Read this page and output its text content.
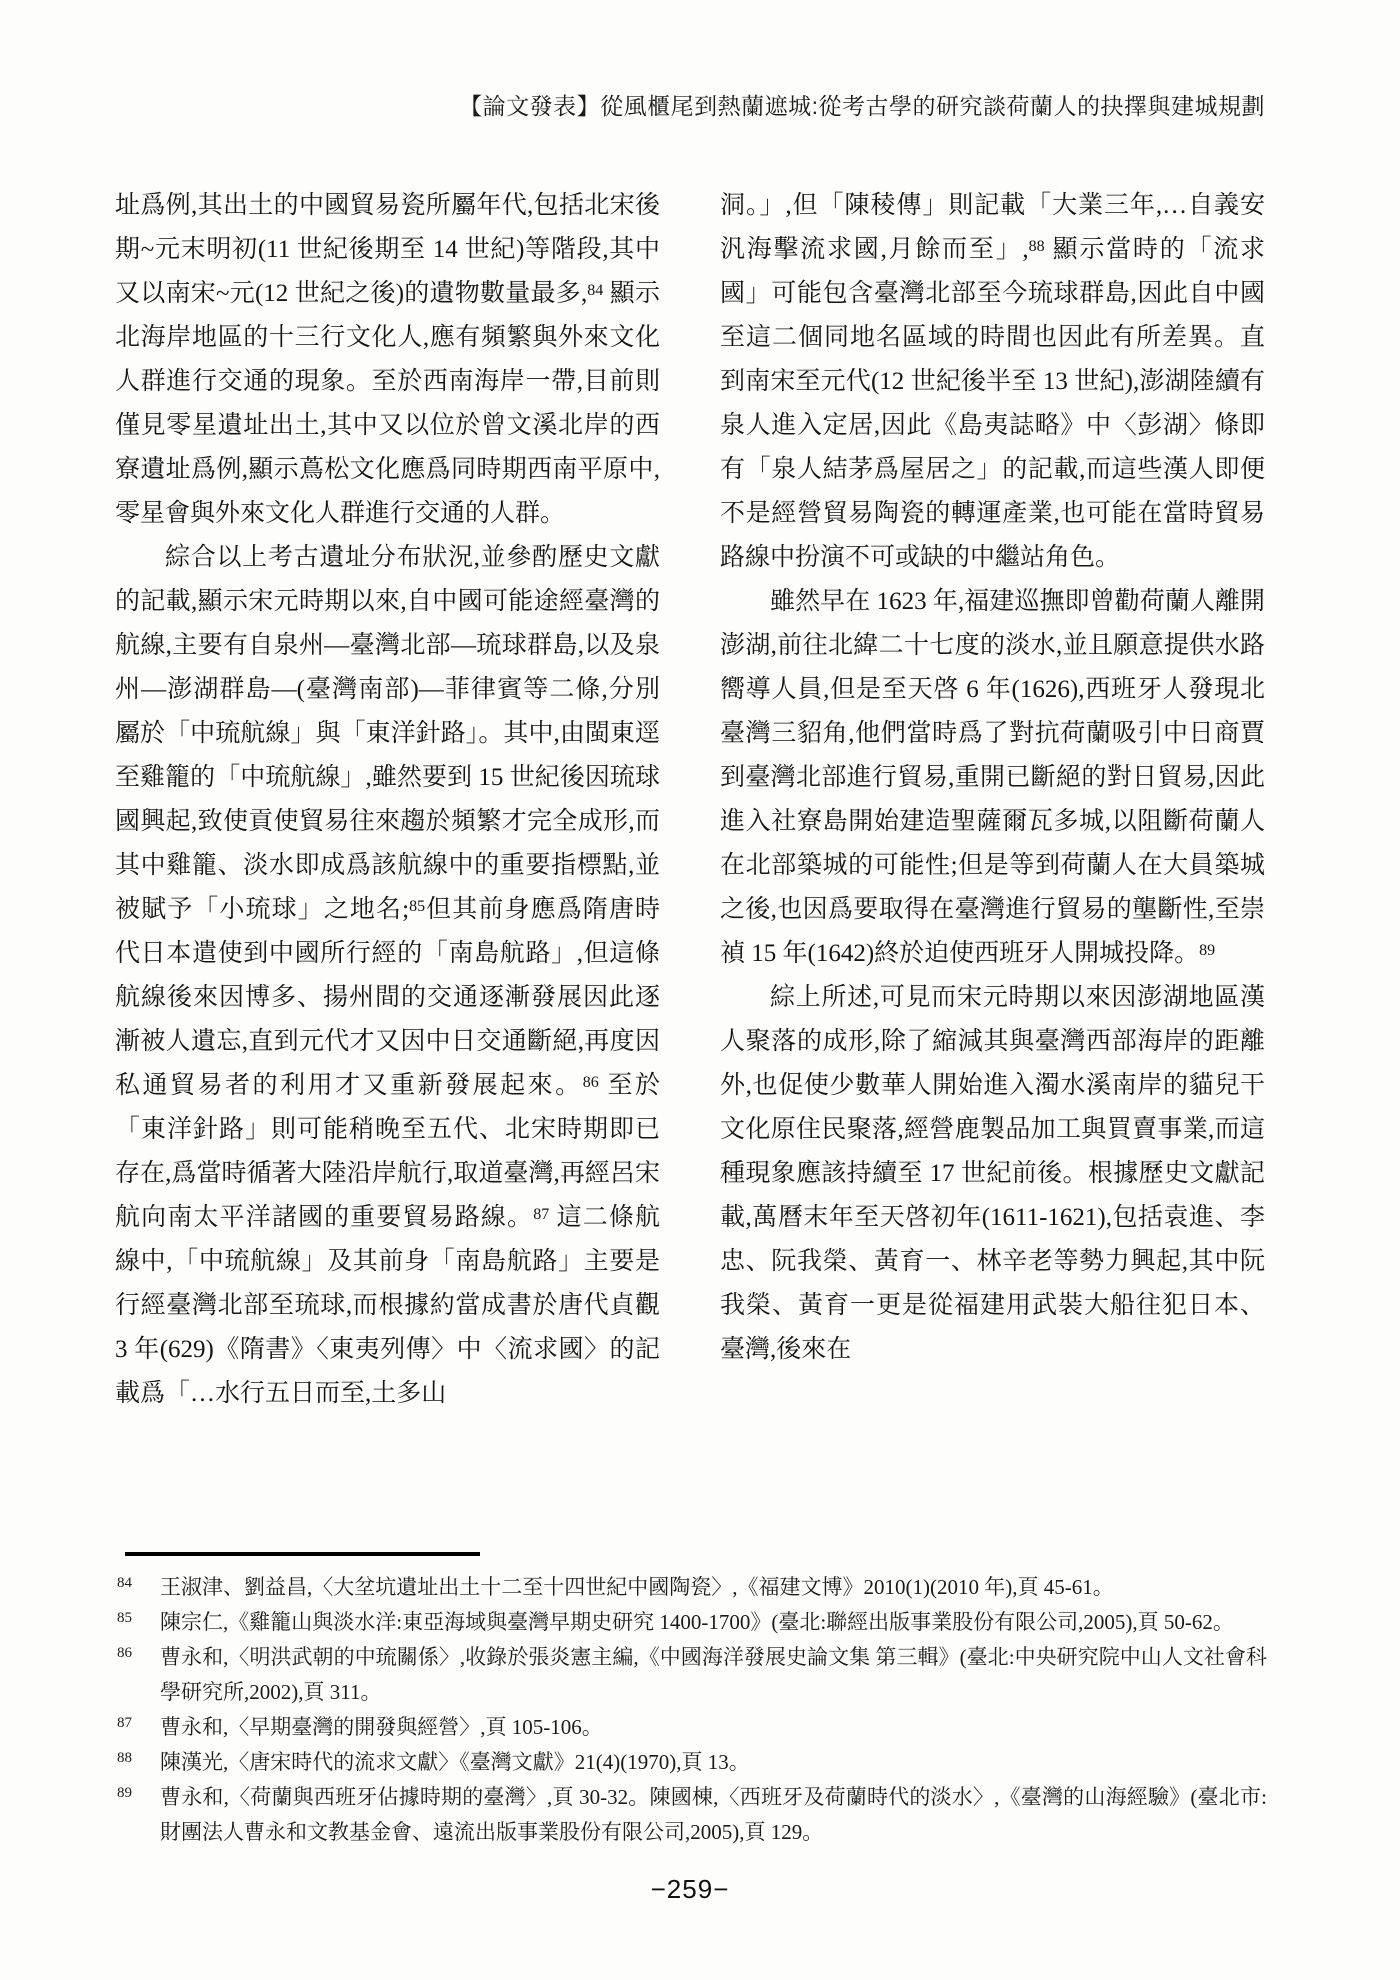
【論文發表】從風櫃尾到熱蘭遮城:從考古學的研究談荷蘭人的抉擇與建城規劃

址爲例,其出土的中國貿易瓷所屬年代,包括北宋後期~元末明初(11 世紀後期至 14 世紀)等階段,其中又以南宋~元(12 世紀之後)的遺物數量最多,$^{84}$ 顯示北海岸地區的十三行文化人,應有頻繁與外來文化人群進行交通的現象。至於西南海岸一帶,目前則僅見零星遺址出土,其中又以位於曾文溪北岸的西寮遺址爲例,顯示蔦松文化應爲同時期西南平原中,零星會與外來文化人群進行交通的人群。

綜合以上考古遺址分布狀況,並參酌歷史文獻的記載,顯示宋元時期以來,自中國可能途經臺灣的航線,主要有自泉州—臺灣北部—琉球群島,以及泉州—澎湖群島—(臺灣南部)—菲律賓等二條,分別屬於「中琉航線」與「東洋針路」。其中,由閩東逕至雞籠的「中琉航線」,雖然要到 15 世紀後因琉球國興起,致使貢使貿易往來趨於頻繁才完全成形,而其中雞籠、淡水即成爲該航線中的重要指標點,並被賦予「小琉球」之地名;$^{85}$但其前身應爲隋唐時代日本遣使到中國所行經的「南島航路」,但這條航線後來因博多、揚州間的交通逐漸發展因此逐漸被人遺忘,直到元代才又因中日交通斷絕,再度因私通貿易者的利用才又重新發展起來。$^{86}$ 至於「東洋針路」則可能稍晚至五代、北宋時期即已存在,爲當時循著大陸沿岸航行,取道臺灣,再經呂宋航向南太平洋諸國的重要貿易路線。$^{87}$ 這二條航線中,「中琉航線」及其前身「南島航路」主要是行經臺灣北部至琉球,而根據約當成書於唐代貞觀 3 年(629)《隋書》〈東夷列傳〉中〈流求國〉的記載爲「…水行五日而至,土多山

洞。」,但「陳稜傳」則記載「大業三年,…自義安汎海擊流求國,月餘而至」,$^{88}$ 顯示當時的「流求國」可能包含臺灣北部至今琉球群島,因此自中國至這二個同地名區域的時間也因此有所差異。直到南宋至元代(12 世紀後半至 13 世紀),澎湖陸續有泉人進入定居,因此《島夷誌略》中〈彭湖〉條即有「泉人結茅爲屋居之」的記載,而這些漢人即便不是經營貿易陶瓷的轉運產業,也可能在當時貿易路線中扮演不可或缺的中繼站角色。

雖然早在 1623 年,福建巡撫即曾勸荷蘭人離開澎湖,前往北緯二十七度的淡水,並且願意提供水路嚮導人員,但是至天啓 6 年(1626),西班牙人發現北臺灣三貂角,他們當時爲了對抗荷蘭吸引中日商賈到臺灣北部進行貿易,重開已斷絕的對日貿易,因此進入社寮島開始建造聖薩爾瓦多城,以阻斷荷蘭人在北部築城的可能性;但是等到荷蘭人在大員築城之後,也因爲要取得在臺灣進行貿易的壟斷性,至崇禎 15 年(1642)終於迫使西班牙人開城投降。$^{89}$

綜上所述,可見而宋元時期以來因澎湖地區漢人聚落的成形,除了縮減其與臺灣西部海岸的距離外,也促使少數華人開始進入濁水溪南岸的貓兒干文化原住民聚落,經營鹿製品加工與買賣事業,而這種現象應該持續至 17 世紀前後。根據歷史文獻記載,萬曆末年至天啓初年(1611-1621),包括袁進、李忠、阮我榮、黃育一、林辛老等勢力興起,其中阮我榮、黃育一更是從福建用武裝大船往犯日本、臺灣,後來在

84 王淑津、劉益昌,〈大坌坑遺址出土十二至十四世紀中國陶瓷〉,《福建文博》2010(1)(2010 年),頁 45-61。
85 陳宗仁,《雞籠山與淡水洋:東亞海域與臺灣早期史研究 1400-1700》(臺北:聯經出版事業股份有限公司,2005),頁 50-62。
86 曹永和,〈明洪武朝的中琉關係〉,收錄於張炎憲主編,《中國海洋發展史論文集 第三輯》(臺北:中央研究院中山人文社會科學研究所,2002),頁 311。
87 曹永和,〈早期臺灣的開發與經營〉,頁 105-106。
88 陳漢光,〈唐宋時代的流求文獻〉《臺灣文獻》21(4)(1970),頁 13。
89 曹永和,〈荷蘭與西班牙佔據時期的臺灣〉,頁 30-32。陳國棟,〈西班牙及荷蘭時代的淡水〉,《臺灣的山海經驗》(臺北市:財團法人曹永和文教基金會、遠流出版事業股份有限公司,2005),頁 129。
−259−
